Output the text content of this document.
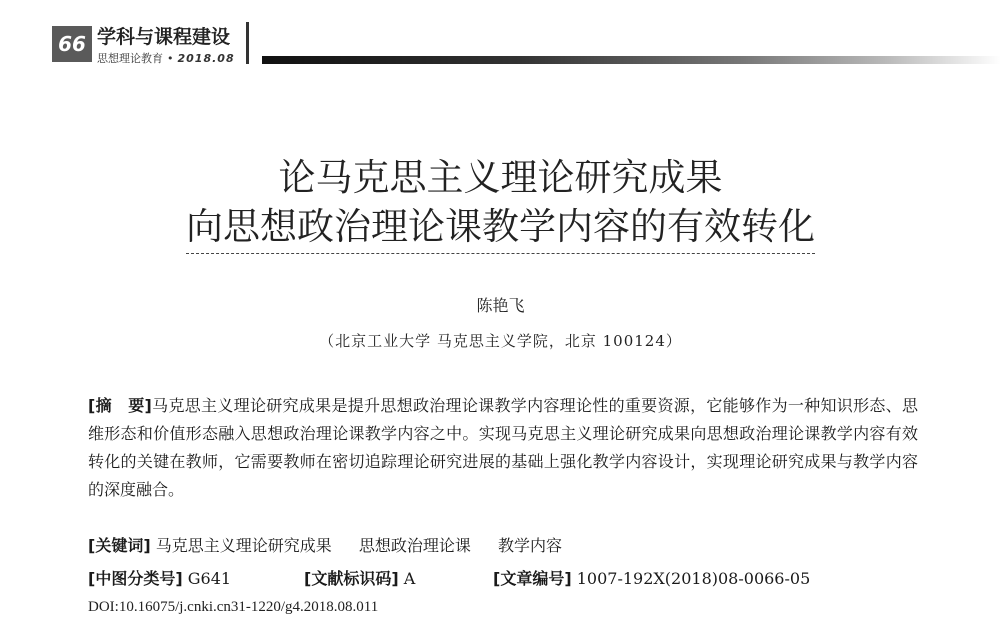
66 学科与课程建设
思想理论教育 • 2018.08
论马克思主义理论研究成果
向思想政治理论课教学内容的有效转化
陈艳飞
（北京工业大学 马克思主义学院，北京 100124）
[摘　要]马克思主义理论研究成果是提升思想政治理论课教学内容理论性的重要资源，它能够作为一种知识形态、思维形态和价值形态融入思想政治理论课教学内容之中。实现马克思主义理论研究成果向思想政治理论课教学内容有效转化的关键在教师，它需要教师在密切追踪理论研究进展的基础上强化教学内容设计，实现理论研究成果与教学内容的深度融合。
[关键词] 马克思主义理论研究成果 思想政治理论课 教学内容
[中图分类号] G641	[文献标识码] A	[文章编号] 1007-192X(2018)08-0066-05
DOI:10.16075/j.cnki.cn31-1220/g4.2018.08.011
